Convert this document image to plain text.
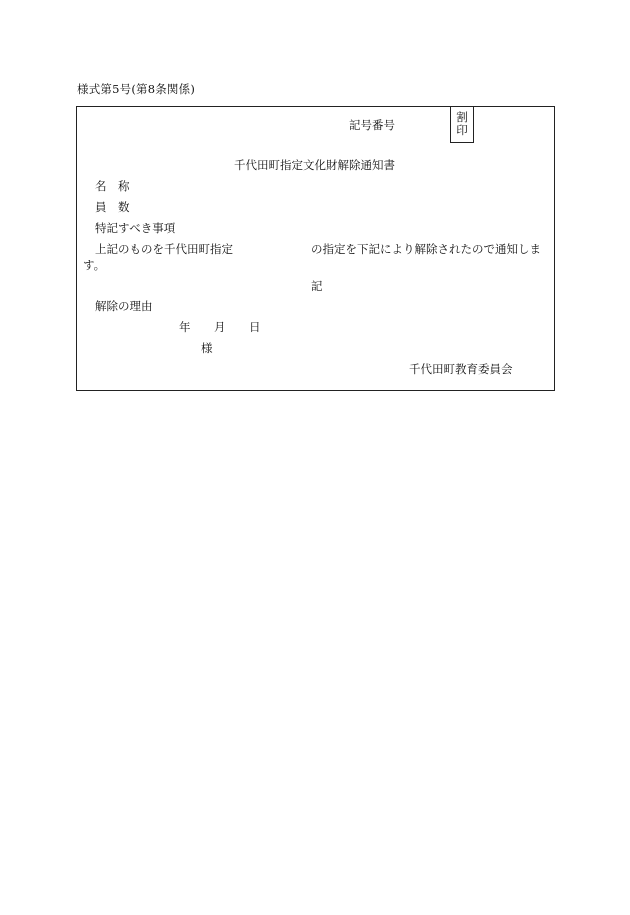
様式第5号(第8条関係)
記号番号
割
印
千代田町指定文化財解除通知書
名 称
員 数
特記すべき事項
上記のものを千代田町指定	の指定を下記により解除されたので通知しま
す。
記
解除の理由
年 月 日
様
千代田町教育委員会
